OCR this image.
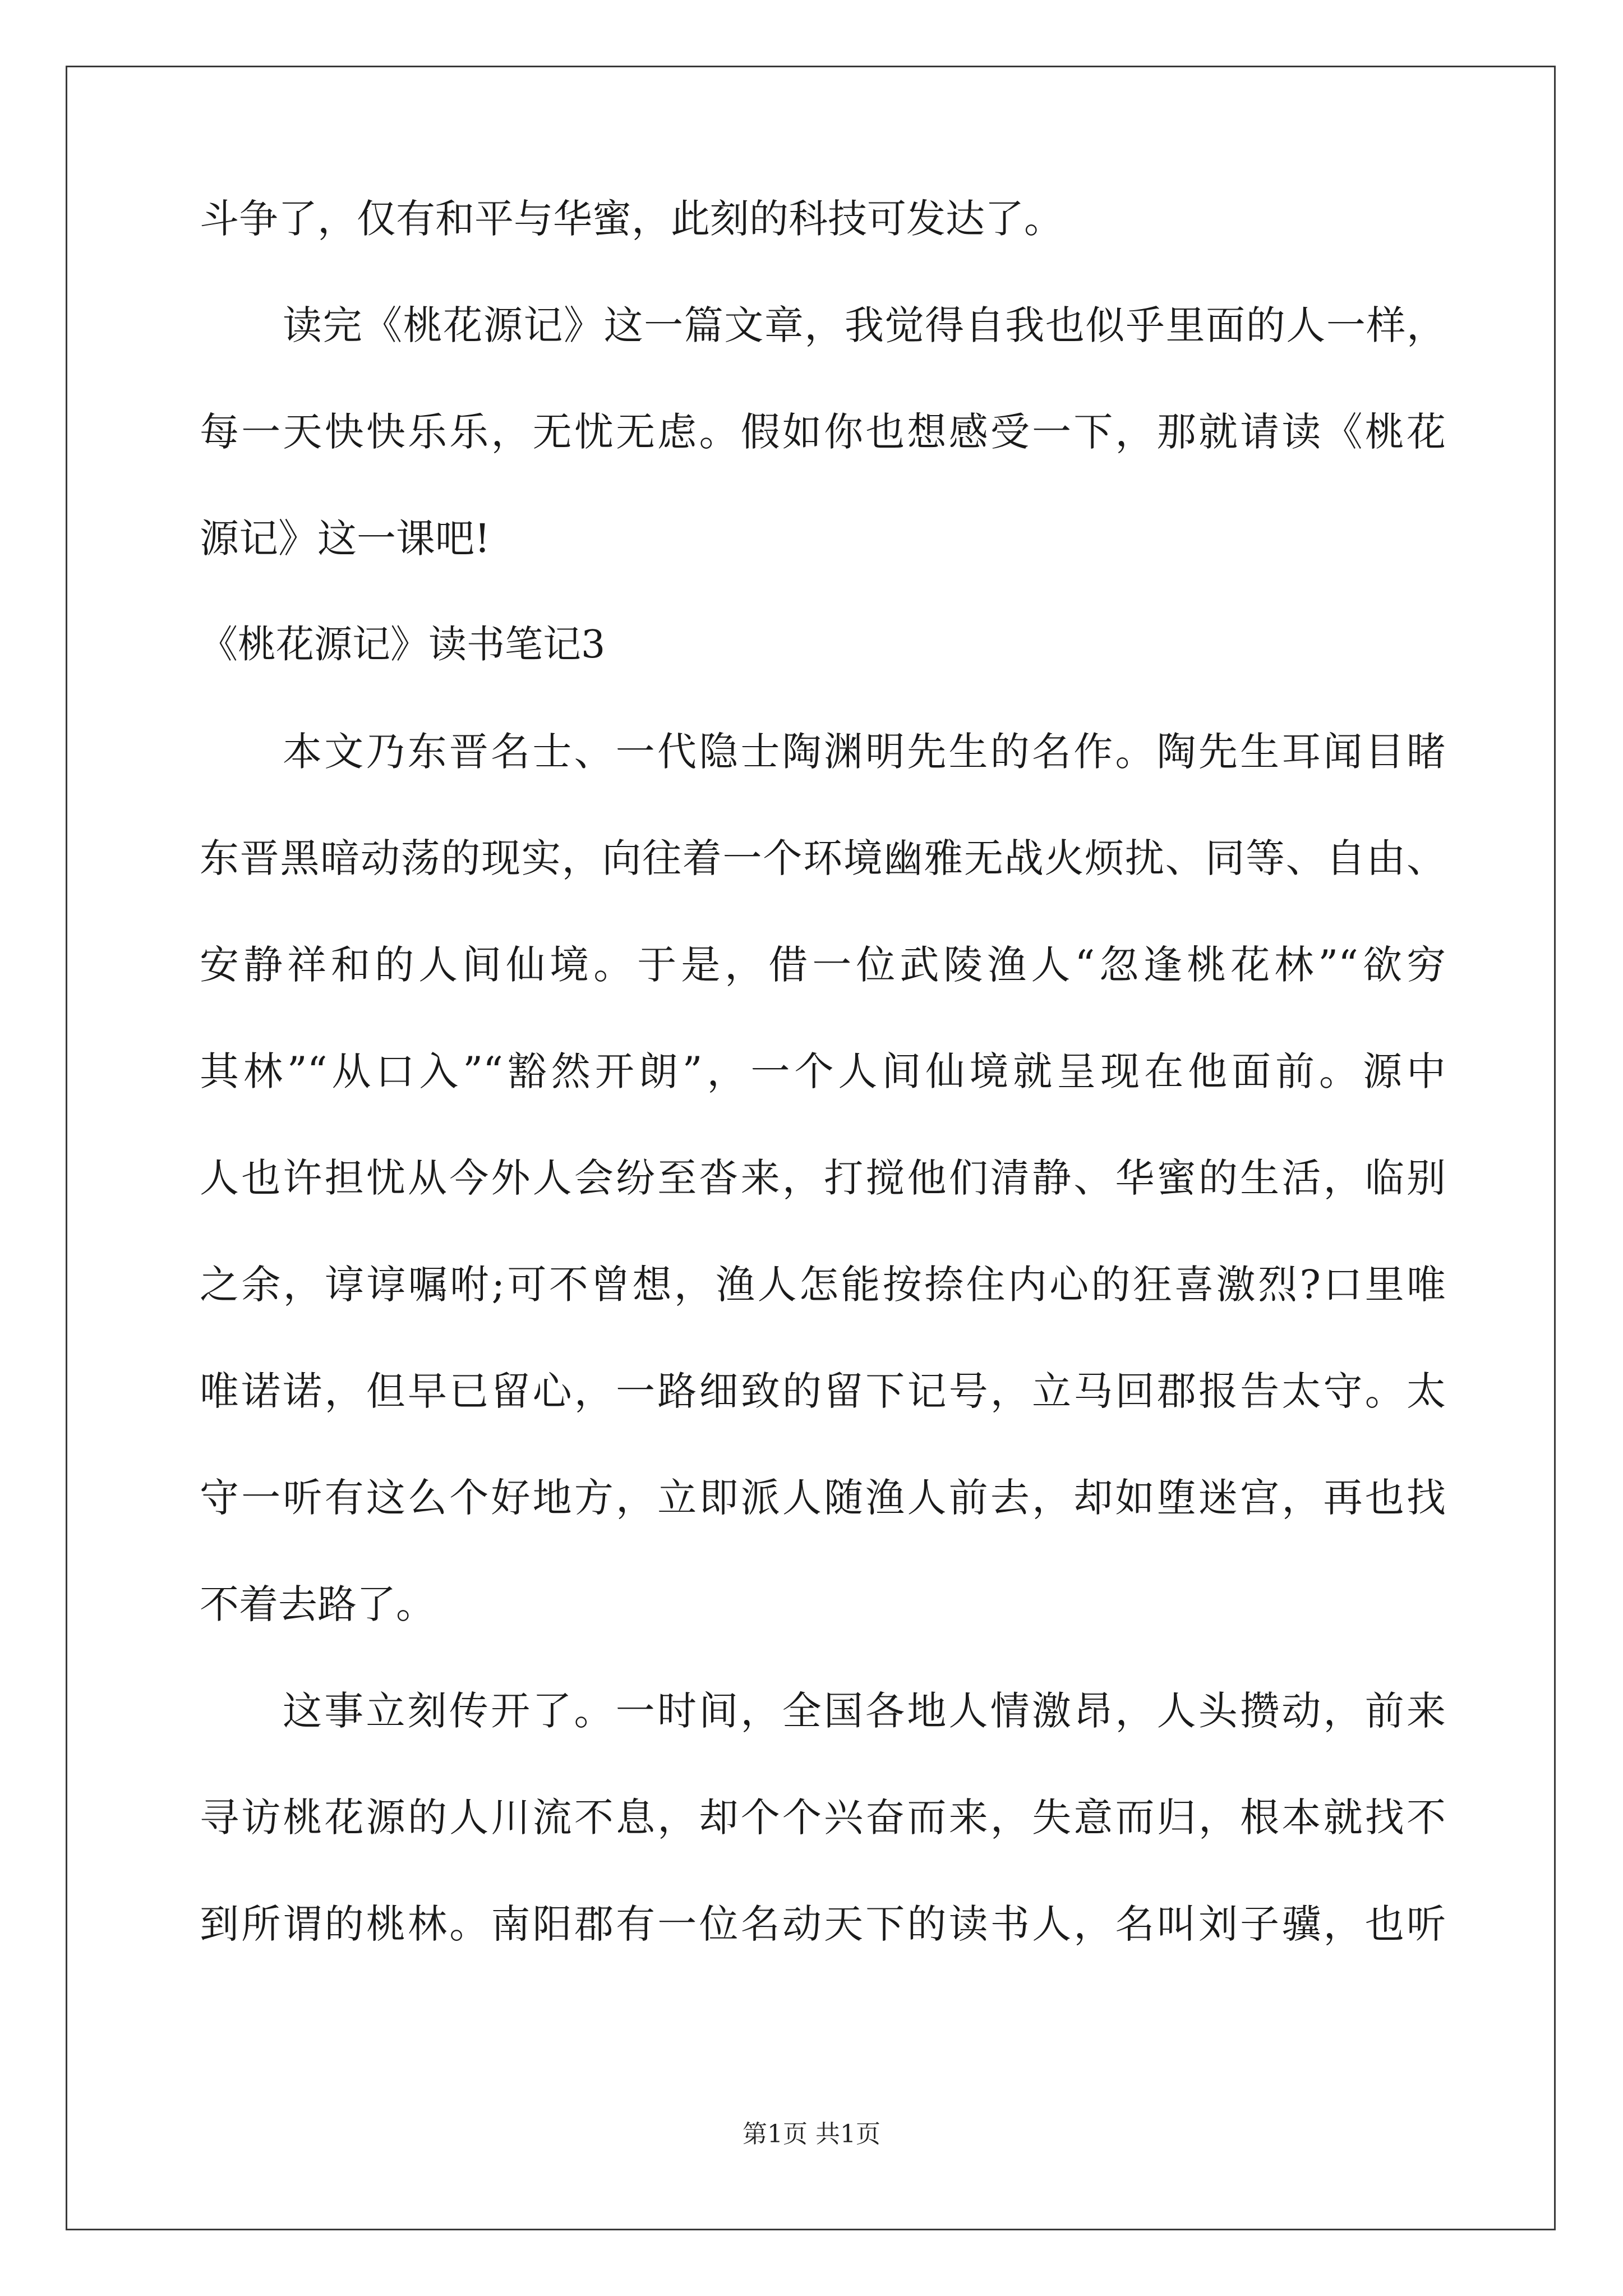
斗争了，仅有和平与华蜜，此刻的科技可发达了。
读完《桃花源记》这一篇文章，我觉得自我也似乎里面的人一样，
每一天快快乐乐，无忧无虑。假如你也想感受一下，那就请读《桃花
源记》这一课吧!
《桃花源记》读书笔记3
本文乃东晋名士、一代隐士陶渊明先生的名作。陶先生耳闻目睹
东晋黑暗动荡的现实，向往着一个环境幽雅无战火烦扰、同等、自由、
安静祥和的人间仙境。于是，借一位武陵渔人“忽逢桃花林”“欲穷
其林”“从口入”“豁然开朗”，一个人间仙境就呈现在他面前。源中
人也许担忧从今外人会纷至沓来，打搅他们清静、华蜜的生活，临别
之余，谆谆嘱咐;可不曾想，渔人怎能按捺住内心的狂喜激烈?口里唯
唯诺诺，但早已留心，一路细致的留下记号，立马回郡报告太守。太
守一听有这么个好地方，立即派人随渔人前去，却如堕迷宫，再也找
不着去路了。
这事立刻传开了。一时间，全国各地人情激昂，人头攒动，前来
寻访桃花源的人川流不息，却个个兴奋而来，失意而归，根本就找不
到所谓的桃林。南阳郡有一位名动天下的读书人，名叫刘子骥，也听
第1页 共1页
